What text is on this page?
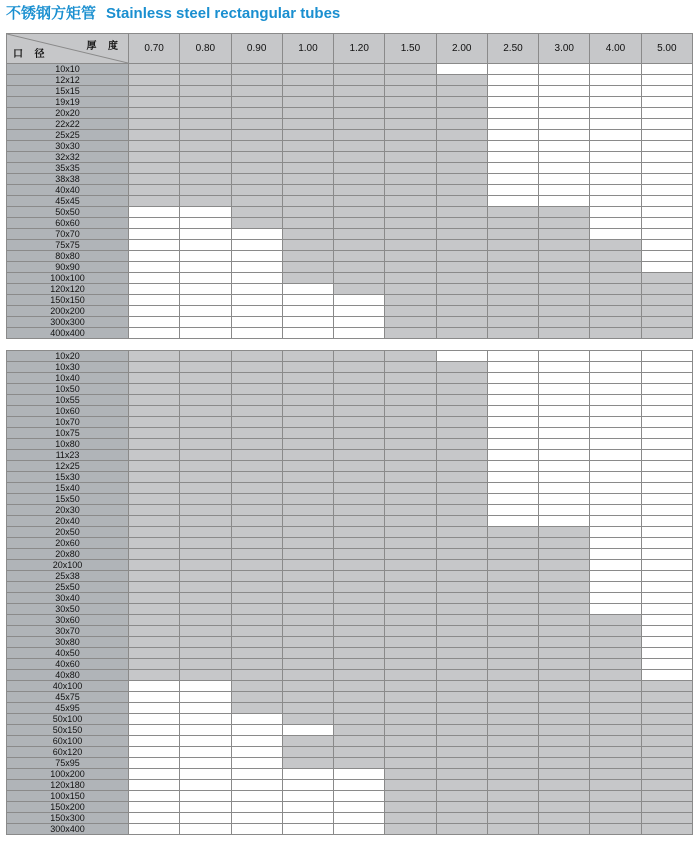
不锈钢方矩管 Stainless steel rectangular tubes
厚 度
口 径	0.70	0.80	0.90	1.00	1.20	1.50	2.00	2.50	3.00	4.00	5.00
10x10											
12x12											
15x15											
19x19											
20x20											
22x22											
25x25											
30x30											
32x32											
35x35											
38x38											
40x40											
45x45											
50x50											
60x60											
70x70											
75x75											
80x80											
90x90											
100x100											
120x120											
150x150											
200x200											
300x300											
400x400											
10x20											
10x30											
10x40											
10x50											
10x55											
10x60											
10x70											
10x75											
10x80											
11x23											
12x25											
15x30											
15x40											
15x50											
20x30											
20x40											
20x50											
20x60											
20x80											
20x100											
25x38											
25x50											
30x40											
30x50											
30x60											
30x70											
30x80											
40x50											
40x60											
40x80											
40x100											
45x75											
45x95											
50x100											
50x150											
60x100											
60x120											
75x95											
100x200											
120x180											
100x150											
150x200											
150x300											
300x400											
